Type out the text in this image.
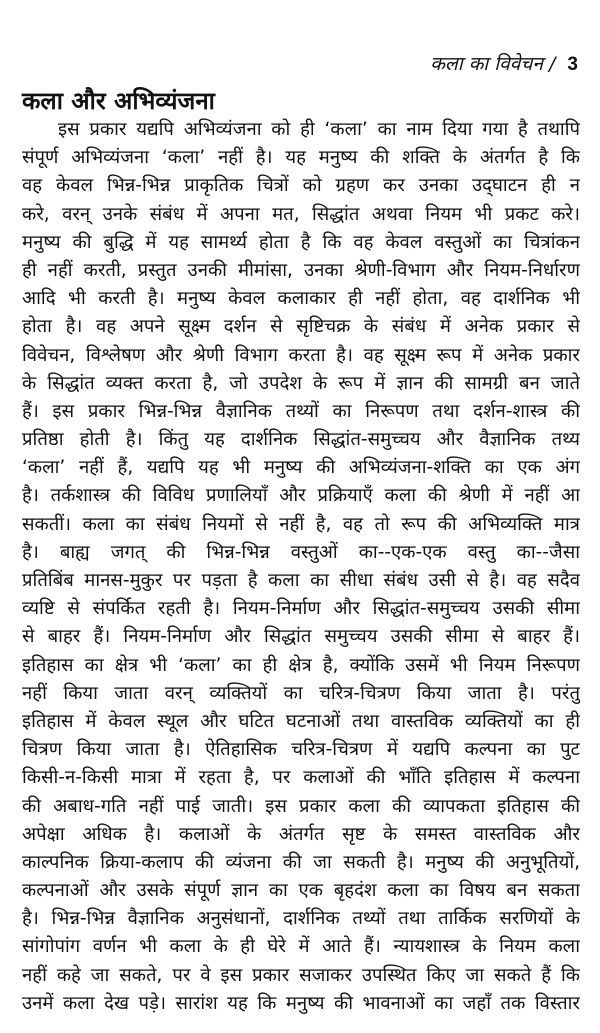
कला का विवेचन / 3
कला और अभिव्यंजना
इस प्रकार यद्यपि अभिव्यंजना को ही ‘कला’ का नाम दिया गया है तथापि
संपूर्ण अभिव्यंजना ‘कला’ नहीं है। यह मनुष्य की शक्ति के अंतर्गत है कि
वह केवल भिन्न-भिन्न प्राकृतिक चित्रों को ग्रहण कर उनका उद्‍घाटन ही न
करे, वरन् उनके संबंध में अपना मत, सिद्धांत अथवा नियम भी प्रकट करे।
मनुष्य की बुद्धि में यह सामर्थ्य होता है कि वह केवल वस्तुओं का चित्रांकन
ही नहीं करती, प्रस्तुत उनकी मीमांसा, उनका श्रेणी-विभाग और नियम-निर्धारण
आदि भी करती है। मनुष्य केवल कलाकार ही नहीं होता, वह दार्शनिक भी
होता है। वह अपने सूक्ष्म दर्शन से सृष्टिचक्र के संबंध में अनेक प्रकार से
विवेचन, विश्लेषण और श्रेणी विभाग करता है। वह सूक्ष्म रूप में अनेक प्रकार
के सिद्धांत व्यक्त करता है, जो उपदेश के रूप में ज्ञान की सामग्री बन जाते
हैं। इस प्रकार भिन्न-भिन्न वैज्ञानिक तथ्यों का निरूपण तथा दर्शन-शास्त्र की
प्रतिष्ठा होती है। किंतु यह दार्शनिक सिद्धांत-समुच्चय और वैज्ञानिक तथ्य
‘कला’ नहीं हैं, यद्यपि यह भी मनुष्य की अभिव्यंजना-शक्ति का एक अंग
है। तर्कशास्त्र की विविध प्रणालियाँ और प्रक्रियाएँ कला की श्रेणी में नहीं आ
सकतीं। कला का संबंध नियमों से नहीं है, वह तो रूप की अभिव्यक्ति मात्र
है। बाह्य जगत् की भिन्न-भिन्न वस्तुओं का--एक-एक वस्तु का--जैसा
प्रतिबिंब मानस-मुकुर पर पड़ता है कला का सीधा संबंध उसी से है। वह सदैव
व्यष्टि से संपर्कित रहती है। नियम-निर्माण और सिद्धांत-समुच्चय उसकी सीमा
से बाहर हैं। नियम-निर्माण और सिद्धांत समुच्चय उसकी सीमा से बाहर हैं।
इतिहास का क्षेत्र भी ‘कला’ का ही क्षेत्र है, क्योंकि उसमें भी नियम निरूपण
नहीं किया जाता वरन् व्यक्तियों का चरित्र-चित्रण किया जाता है। परंतु
इतिहास में केवल स्थूल और घटित घटनाओं तथा वास्तविक व्यक्तियों का ही
चित्रण किया जाता है। ऐतिहासिक चरित्र-चित्रण में यद्यपि कल्पना का पुट
किसी-न-किसी मात्रा में रहता है, पर कलाओं की भाँति इतिहास में कल्पना
की अबाध-गति नहीं पाई जाती। इस प्रकार कला की व्यापकता इतिहास की
अपेक्षा अधिक है। कलाओं के अंतर्गत सृष्ट के समस्त वास्तविक और
काल्पनिक क्रिया-कलाप की व्यंजना की जा सकती है। मनुष्य की अनुभूतियों,
कल्पनाओं और उसके संपूर्ण ज्ञान का एक बृहदंश कला का विषय बन सकता
है। भिन्न-भिन्न वैज्ञानिक अनुसंधानों, दार्शनिक तथ्यों तथा तार्किक सरणियों के
सांगोपांग वर्णन भी कला के ही घेरे में आते हैं। न्यायशास्त्र के नियम कला
नहीं कहे जा सकते, पर वे इस प्रकार सजाकर उपस्थित किए जा सकते हैं कि
उनमें कला देख पड़े। सारांश यह कि मनुष्य की भावनाओं का जहाँ तक विस्तार
